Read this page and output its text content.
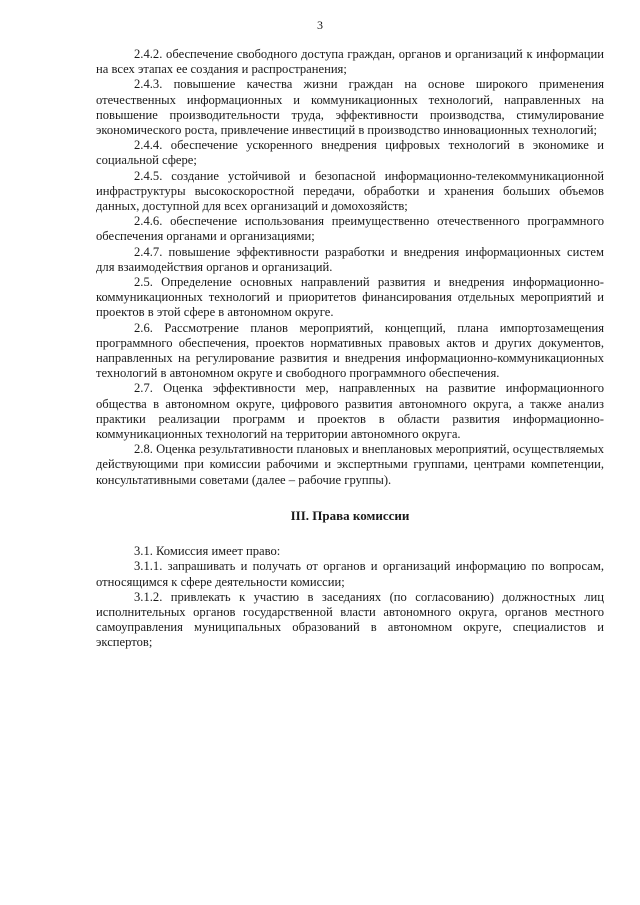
3

2.4.2. обеспечение свободного доступа граждан, органов и организаций к информации на всех этапах ее создания и распространения;

2.4.3. повышение качества жизни граждан на основе широкого применения отечественных информационных и коммуникационных технологий, направленных на повышение производительности труда, эффективности производства, стимулирование экономического роста, привлечение инвестиций в производство инновационных технологий;

2.4.4. обеспечение ускоренного внедрения цифровых технологий в экономике и социальной сфере;

2.4.5. создание устойчивой и безопасной информационно-телекоммуникационной инфраструктуры высокоскоростной передачи, обработки и хранения больших объемов данных, доступной для всех организаций и домохозяйств;

2.4.6. обеспечение использования преимущественно отечественного программного обеспечения органами и организациями;

2.4.7. повышение эффективности разработки и внедрения информационных систем для взаимодействия органов и организаций.

2.5. Определение основных направлений развития и внедрения информационно-коммуникационных технологий и приоритетов финансирования отдельных мероприятий и проектов в этой сфере в автономном округе.

2.6. Рассмотрение планов мероприятий, концепций, плана импортозамещения программного обеспечения, проектов нормативных правовых актов и других документов, направленных на регулирование развития и внедрения информационно-коммуникационных технологий в автономном округе и свободного программного обеспечения.

2.7. Оценка эффективности мер, направленных на развитие информационного общества в автономном округе, цифрового развития автономного округа, а также анализ практики реализации программ и проектов в области развития информационно-коммуникационных технологий на территории автономного округа.

2.8. Оценка результативности плановых и внеплановых мероприятий, осуществляемых действующими при комиссии рабочими и экспертными группами, центрами компетенции, консультативными советами (далее – рабочие группы).

III. Права комиссии

3.1. Комиссия имеет право:

3.1.1. запрашивать и получать от органов и организаций информацию по вопросам, относящимся к сфере деятельности комиссии;

3.1.2. привлекать к участию в заседаниях (по согласованию) должностных лиц исполнительных органов государственной власти автономного округа, органов местного самоуправления муниципальных образований в автономном округе, специалистов и экспертов;
